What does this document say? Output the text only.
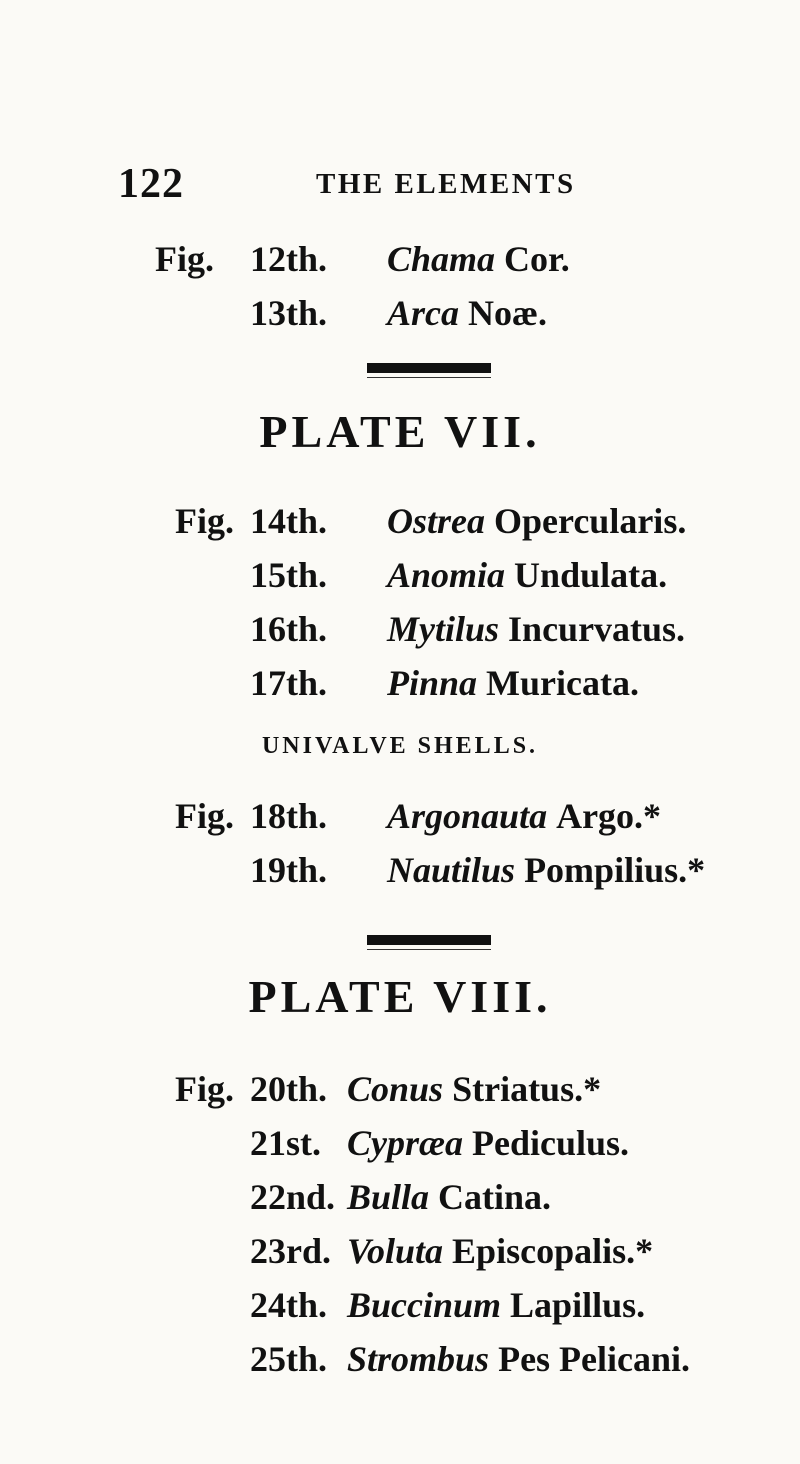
122	THE ELEMENTS
Fig. 12th. Chama Cor.
13th. Arca Noæ.
PLATE VII.
Fig. 14th. Ostrea Opercularis.
15th. Anomia Undulata.
16th. Mytilus Incurvatus.
17th. Pinna Muricata.
UNIVALVE SHELLS.
Fig. 18th. Argonauta Argo.*
19th. Nautilus Pompilius.*
PLATE VIII.
Fig. 20th. Conus Striatus.*
21st. Cypræa Pediculus.
22nd. Bulla Catina.
23rd. Voluta Episcopalis.*
24th. Buccinum Lapillus.
25th. Strombus Pes Pelicani.
